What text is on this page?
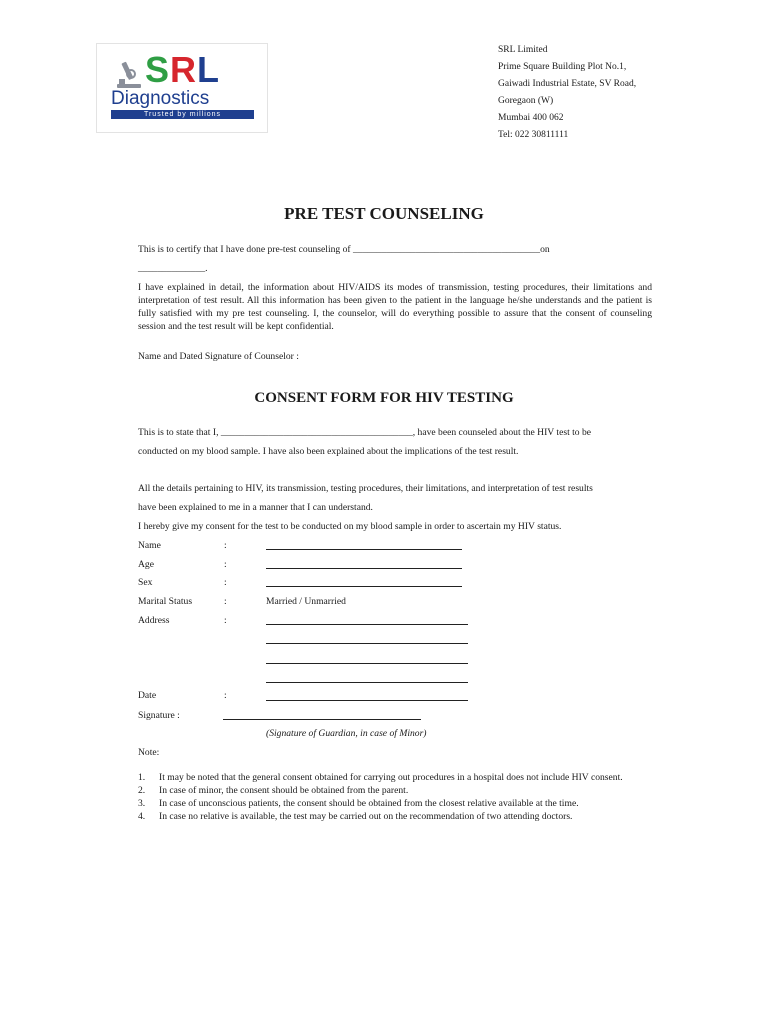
SRL
Diagnostics
Trusted by millions
SRL Limited
Prime Square Building Plot No.1,
Gaiwadi Industrial Estate, SV Road,
Goregaon (W)
Mumbai 400 062
Tel: 022 30811111
PRE TEST COUNSELING
This is to certify that I have done pre-test counseling of _______________________________________on
______________.
I have explained in detail, the information about HIV/AIDS its modes of transmission, testing procedures, their limitations and interpretation of test result. All this information has been given to the patient in the language he/she understands and the patient is fully satisfied with my pre test counseling. I, the counselor, will do everything possible to assure that the consent of counseling session and the test result will be kept confidential.
Name and Dated Signature of Counselor :
CONSENT FORM FOR HIV TESTING
This is to state that I, ________________________________________, have been counseled about the HIV test to be
conducted on my blood sample. I have also been explained about the implications of the test result.
All the details pertaining to HIV, its transmission, testing procedures, their limitations, and interpretation of test results
have been explained to me in a manner that I can understand.
I hereby give my consent for the test to be conducted on my blood sample in order to ascertain my HIV status.
Name	:
Age	:
Sex	:
Marital Status	:	Married / Unmarried
Address	:
Date	:
Signature :
(Signature of Guardian, in case of Minor)
Note:
1.	It may be noted that the general consent obtained for carrying out procedures in a hospital does not include HIV consent.
2.	In case of minor, the consent should be obtained from the parent.
3.	In case of unconscious patients, the consent should be obtained from the closest relative available at the time.
4.	In case no relative is available, the test may be carried out on the recommendation of two attending doctors.
